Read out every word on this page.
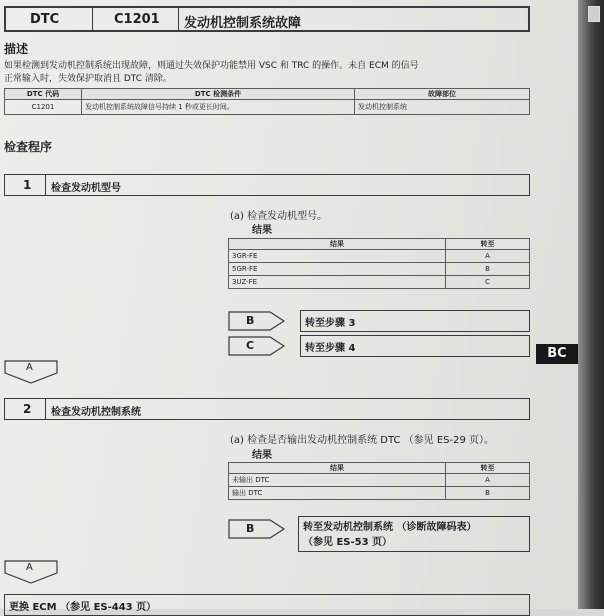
DTC	C1201 发动机控制系统故障
描述
如果检测到发动机控制系统出现故障，则通过失效保护功能禁用 VSC 和 TRC 的操作。未自 ECM 的信号
正常输入时，失效保护取消且 DTC 清除。
DTC 代码	DTC 检测条件	故障部位
C1201	发动机控制系统故障信号持续 1 秒或更长时间。	发动机控制系统
检查程序
1 检查发动机型号
(a) 检查发动机型号。
结果
结果	转至
3GR-FE	A
5GR-FE	B
3UZ-FE	C
B	转至步骤 3
C	转至步骤 4
A
2 检查发动机控制系统
(a) 检查是否输出发动机控制系统 DTC （参见 ES-29 页）。
结果
结果	转至
未输出 DTC	A
输出 DTC	B
B	转至发动机控制系统 （诊断故障码表）
（参见 ES-53 页）
A
更换 ECM （参见 ES-443 页）
BC
